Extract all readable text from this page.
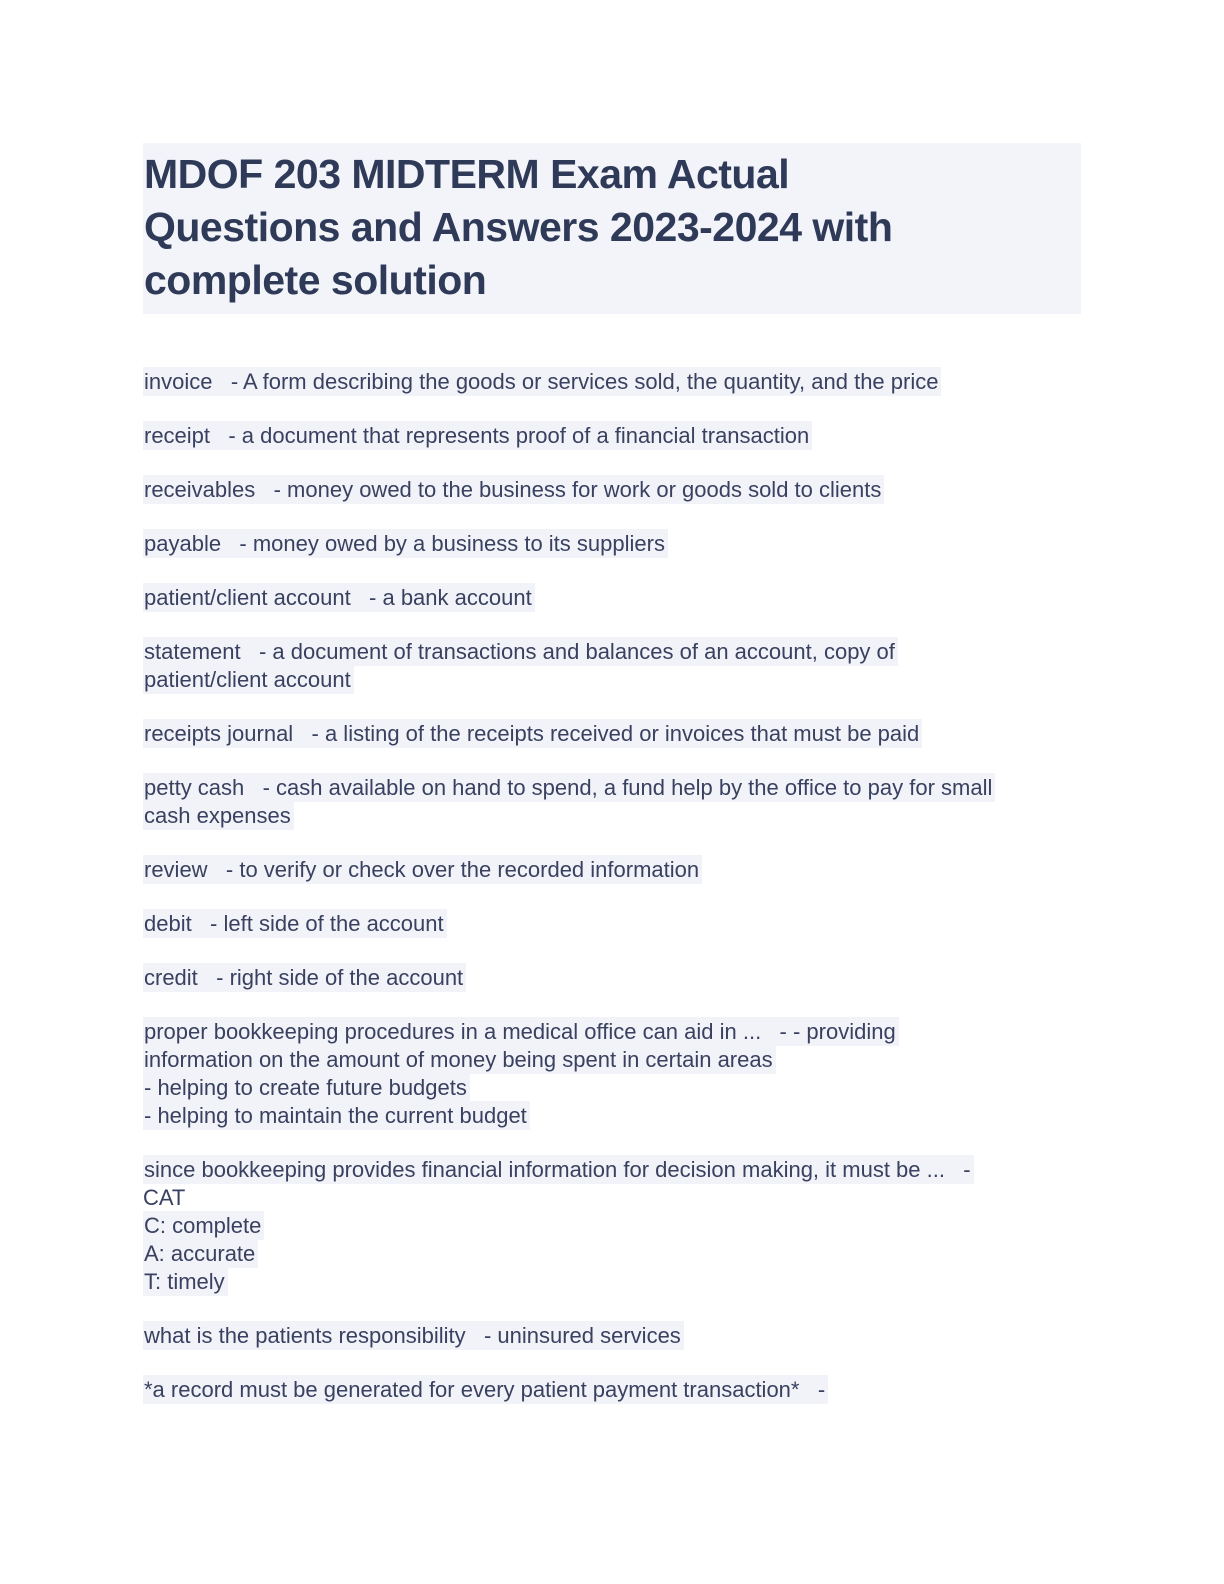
MDOF 203 MIDTERM Exam Actual
Questions and Answers 2023-2024 with
complete solution

invoice   - A form describing the goods or services sold, the quantity, and the price

receipt   - a document that represents proof of a financial transaction

receivables   - money owed to the business for work or goods sold to clients

payable   - money owed by a business to its suppliers

patient/client account   - a bank account

statement   - a document of transactions and balances of an account, copy of
patient/client account

receipts journal   - a listing of the receipts received or invoices that must be paid

petty cash   - cash available on hand to spend, a fund help by the office to pay for small
cash expenses

review   - to verify or check over the recorded information

debit   - left side of the account

credit   - right side of the account

proper bookkeeping procedures in a medical office can aid in ...   - - providing
information on the amount of money being spent in certain areas
- helping to create future budgets
- helping to maintain the current budget

since bookkeeping provides financial information for decision making, it must be ...   -
CAT
C: complete
A: accurate
T: timely

what is the patients responsibility   - uninsured services

*a record must be generated for every patient payment transaction*   -
